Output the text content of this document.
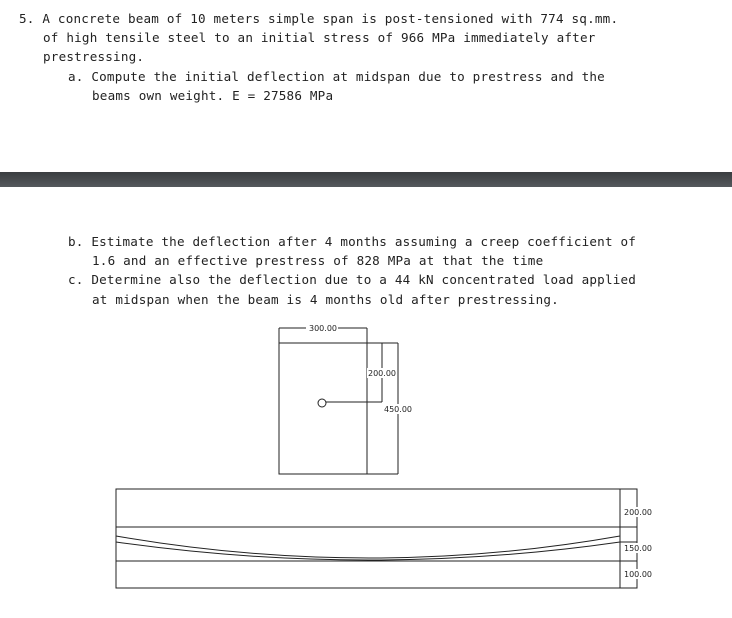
5. A concrete beam of 10 meters simple span is post-tensioned with 774 sq.mm.
of high tensile steel to an initial stress of 966 MPa immediately after
prestressing.
a. Compute the initial deflection at midspan due to prestress and the
beams own weight. E = 27586 MPa
b. Estimate the deflection after 4 months assuming a creep coefficient of
1.6 and an effective prestress of 828 MPa at that the time
c. Determine also the deflection due to a 44 kN concentrated load applied
at midspan when the beam is 4 months old after prestressing.
300.00
200.00
450.00
200.00
150.00
100.00
